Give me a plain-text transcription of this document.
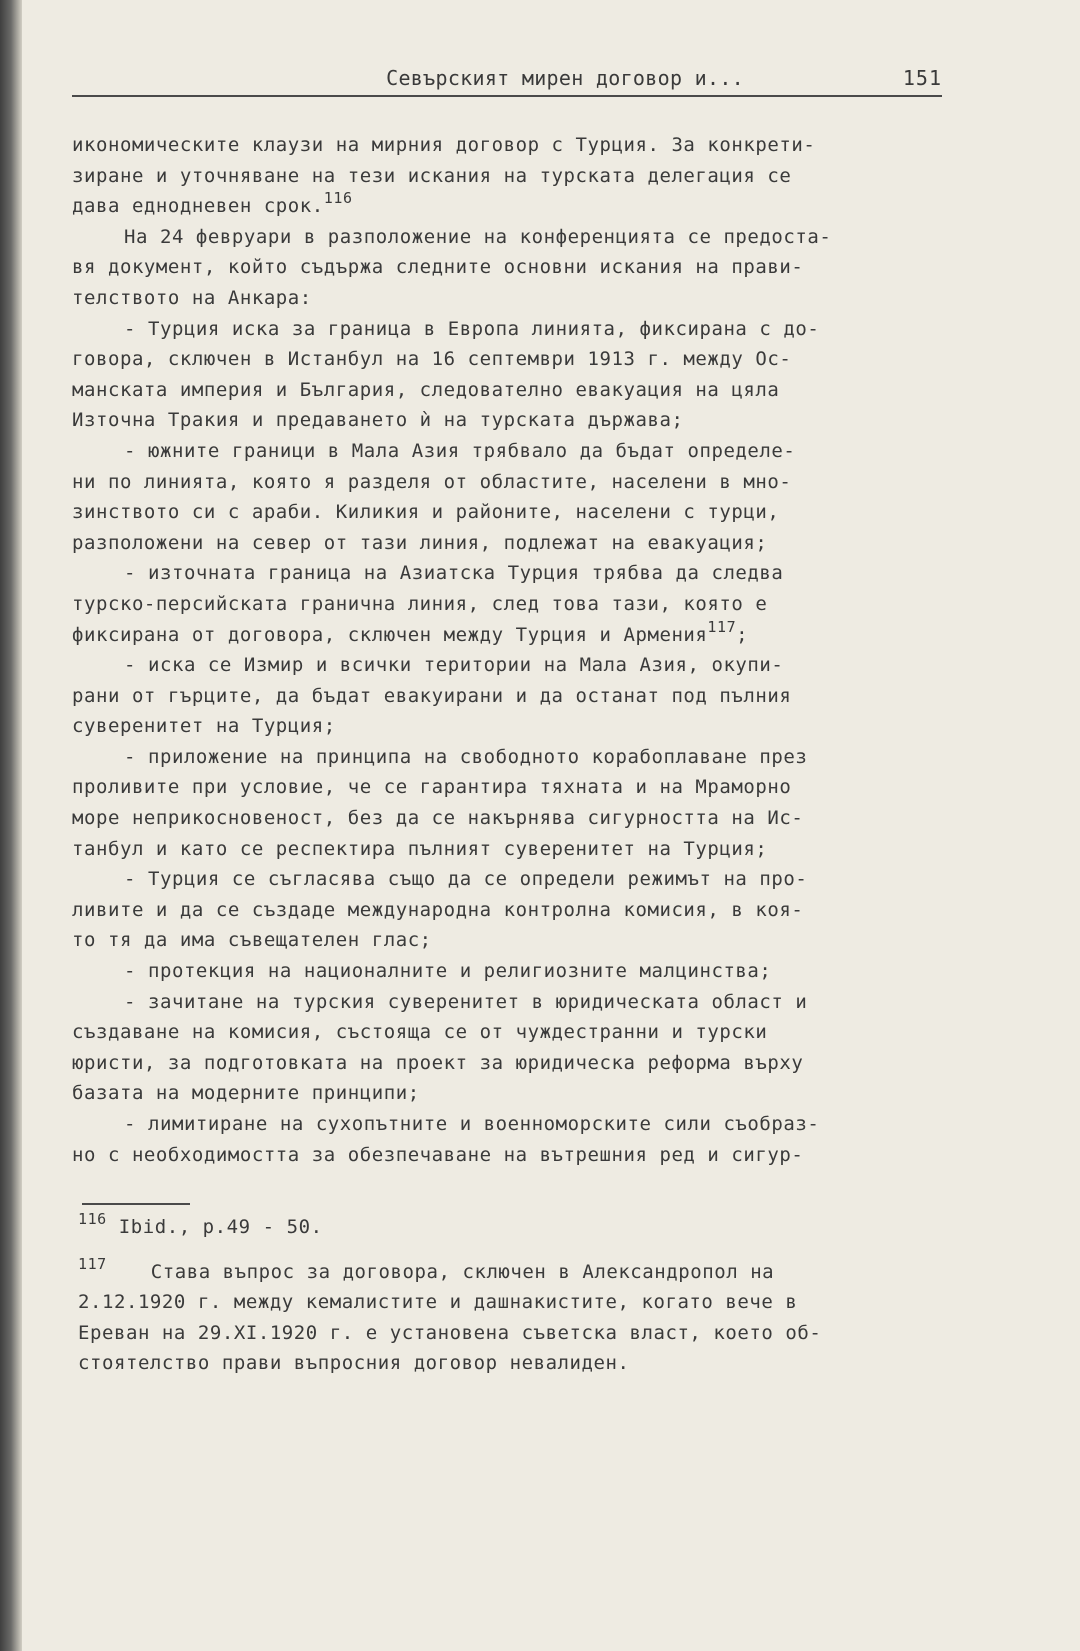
Севърският мирен договор и...	151
икономическите клаузи на мирния договор с Турция. За конкрети-
зиране и уточняване на тези искания на турската делегация се
дава еднодневен срок.$^{116}$
На 24 февруари в разположение на конференцията се предоста-
вя документ, който съдържа следните основни искания на прави-
телството на Анкара:
- Турция иска за граница в Европа линията, фиксирана с до-
говора, сключен в Истанбул на 16 септември 1913 г. между Ос-
манската империя и България, следователно евакуация на цяла
Източна Тракия и предаването ѝ на турската държава;
- южните граници в Мала Азия трябвало да бъдат определе-
ни по линията, която я разделя от областите, населени в мно-
зинството си с араби. Киликия и районите, населени с турци,
разположени на север от тази линия, подлежат на евакуация;
- източната граница на Азиатска Турция трябва да следва
турско-персийската гранична линия, след това тази, която е
фиксирана от договора, сключен между Турция и Армения$^{117}$;
- иска се Измир и всички територии на Мала Азия, окупи-
рани от гърците, да бъдат евакуирани и да останат под пълния
суверенитет на Турция;
- приложение на принципа на свободното корабоплаване през
проливите при условие, че се гарантира тяхната и на Мраморно
море неприкосновеност, без да се накърнява сигурността на Ис-
танбул и като се респектира пълният суверенитет на Турция;
- Турция се съгласява също да се определи режимът на про-
ливите и да се създаде международна контролна комисия, в коя-
то тя да има съвещателен глас;
- протекция на националните и религиозните малцинства;
- зачитане на турския суверенитет в юридическата област и
създаване на комисия, състояща се от чуждестранни и турски
юристи, за подготовката на проект за юридическа реформа върху
базата на модерните принципи;
- лимитиране на сухопътните и военноморските сили съобраз-
но с необходимостта за обезпечаване на вътрешния ред и сигур-
$^{116}$ Ibid., p.49 - 50.
$^{117}$ Става въпрос за договора, сключен в Александропол на
2.12.1920 г. между кемалистите и дашнакистите, когато вече в
Ереван на 29.XI.1920 г. е установена съветска власт, което об-
стоятелство прави въпросния договор невалиден.
